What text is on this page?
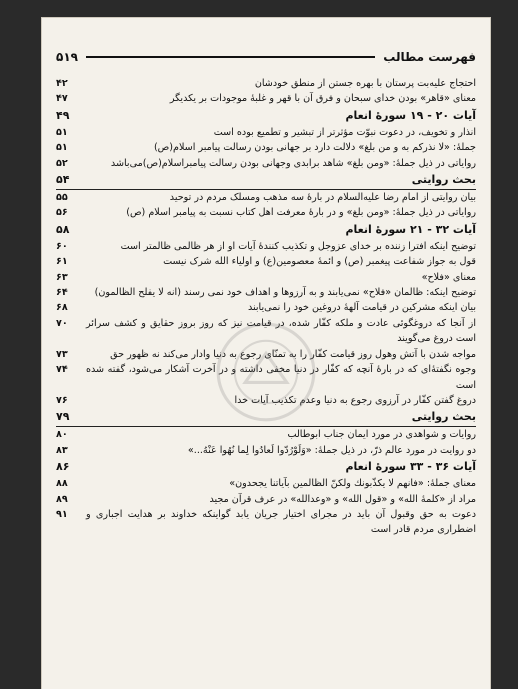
فهرست مطالب
۵۱۹
احتجاج علیه‌بت پرستان با بهره جستن از منطق خودشان
۴۲
معنای «قاهر» بودن خدای سبحان و فرق آن با قهر و غلبهٔ موجودات بر یکدیگر
۴۷
آیات ۲۰ - ۱۹ سورهٔ انعام
۴۹
انذار و تخویف، در دعوت نبوّت مؤثرتر از تبشیر و تطمیع بوده است
۵۱
جملهٔ: «لا نذركم به و من بلغ» دلالت دارد بر جهانی بودن رسالت پیامبر اسلام(ص)
۵۱
روایاتی در ذیل جملهٔ: «ومن بلغ» شاهد برابدی وجهانی بودن رسالت پیامبراسلام(ص)می‌باشد
۵۲
بحث روایتی
۵۴
بیان روایتی از امام رضا علیه‌السلام در بارهٔ سه مذهب ومسلک مردم در توحید
۵۵
روایاتی در ذیل جملهٔ: «ومن بلغ» و در بارهٔ معرفت اهل کتاب نسبت به پیامبر اسلام (ص)
۵۶
آیات ۳۲ - ۲۱ سورهٔ انعام
۵۸
توضیح اینکه افترا زننده بر خدای عزوجل و تکذیب کنندهٔ آیات او از هر ظالمی ظالمتر است
۶۰
قول به جواز شفاعت پیغمبر (ص) و ائمهٔ معصومین(ع) و اولیاء الله شرک نیست
۶۱
معنای «فلاح»
۶۳
توضیح اینکه: ظالمان «فلاح» نمی‌یابند و به آرزوها و اهداف خود نمی رسند (انه لا یفلح الظالمون)
۶۴
بیان اینکه مشرکین در قیامت آلههٔ دروغین خود را نمی‌یابند
۶۸
از آنجا که دروغگوئی عادت و ملکه کفّار شده، در قیامت نیز که روز بروز حقایق و کشف سرائر است دروغ می‌گویند
۷۰
مواجه شدن با آتش وهول روز قیامت کفّار را به تمنّای رجوع به دنیا وادار می‌کند نه ظهور حق
۷۳
وجوه نگفتهٔ‌ای که در بارهٔ آنچه که کفّار در دنیا مخفی داشته و در آخرت آشکار می‌شود، گفته شده است
۷۴
دروغ گفتن کفّار در آرزوی رجوع به دنیا وعدم تکذیب آیات خدا
۷۶
بحث روایتی
۷۹
روایات و شواهدی در مورد ایمان جناب ابوطالب
۸۰
دو روایت در مورد عالم ذرّ، در ذیل جملهٔ: «وَلَوْرُدّوا لَعادُوا لِما نُهُوا عَنْهُ...»
۸۳
آیات ۳۶ - ۳۳ سورهٔ انعام
۸۶
معنای جملهٔ: «فانهم لا یكذّبونك ولكنّ الظالمین بآیاتنا یجحدون»
۸۸
مراد از «كلمهٔ الله» و «قول الله» و «وعدالله» در عرف قرآن مجید
۸۹
دعوت به حق وقبول آن باید در مجرای اختیار جریان یابد گواینکه خداوند بر هدایت اجباری و اضطراری مردم قادر است
۹۱
